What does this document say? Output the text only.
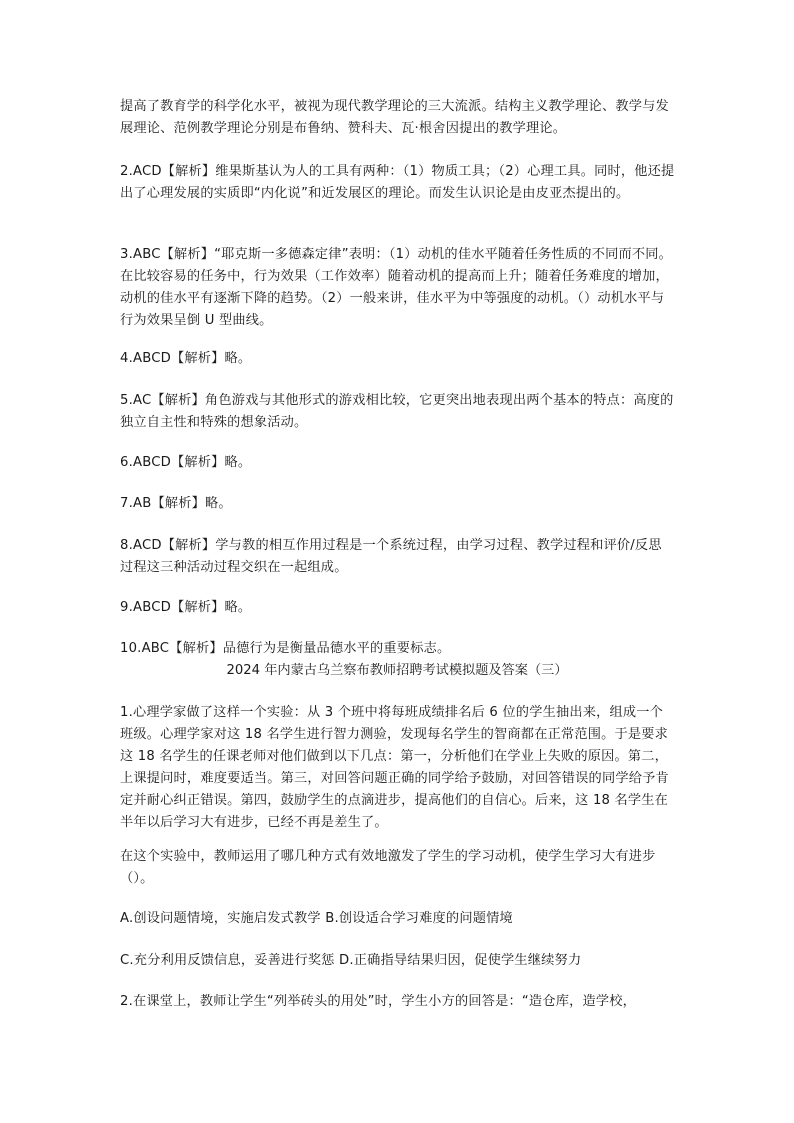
提高了教育学的科学化水平，被视为现代教学理论的三大流派。结构主义教学理论、教学与发展理论、范例教学理论分别是布鲁纳、赞科夫、瓦·根舍因提出的教学理论。

2.ACD【解析】维果斯基认为人的工具有两种：（1）物质工具；（2）心理工具。同时，他还提出了心理发展的实质即“内化说”和近发展区的理论。而发生认识论是由皮亚杰提出的。

3.ABC【解析】“耶克斯一多德森定律”表明：（1）动机的佳水平随着任务性质的不同而不同。在比较容易的任务中，行为效果（工作效率）随着动机的提高而上升；随着任务难度的增加，动机的佳水平有逐渐下降的趋势。（2）一般来讲，佳水平为中等强度的动机。（）动机水平与行为效果呈倒 U 型曲线。

4.ABCD【解析】略。

5.AC【解析】角色游戏与其他形式的游戏相比较，它更突出地表现出两个基本的特点：高度的独立自主性和特殊的想象活动。

6.ABCD【解析】略。

7.AB【解析】略。

8.ACD【解析】学与教的相互作用过程是一个系统过程，由学习过程、教学过程和评价/反思过程这三种活动过程交织在一起组成。

9.ABCD【解析】略。

10.ABC【解析】品德行为是衡量品德水平的重要标志。

2024 年内蒙古乌兰察布教师招聘考试模拟题及答案（三）

1.心理学家做了这样一个实验：从 3 个班中将每班成绩排名后 6 位的学生抽出来，组成一个班级。心理学家对这 18 名学生进行智力测验，发现每名学生的智商都在正常范围。于是要求这 18 名学生的任课老师对他们做到以下几点：第一，分析他们在学业上失败的原因。第二，上课提问时，难度要适当。第三，对回答问题正确的同学给予鼓励，对回答错误的同学给予肯定并耐心纠正错误。第四，鼓励学生的点滴进步，提高他们的自信心。后来，这 18 名学生在半年以后学习大有进步，已经不再是差生了。

在这个实验中，教师运用了哪几种方式有效地激发了学生的学习动机，使学生学习大有进步（）。

A.创设问题情境，实施启发式教学 B.创设适合学习难度的问题情境

C.充分利用反馈信息，妥善进行奖惩 D.正确指导结果归因，促使学生继续努力

2.在课堂上，教师让学生“列举砖头的用处”时，学生小方的回答是：“造仓库，造学校，
